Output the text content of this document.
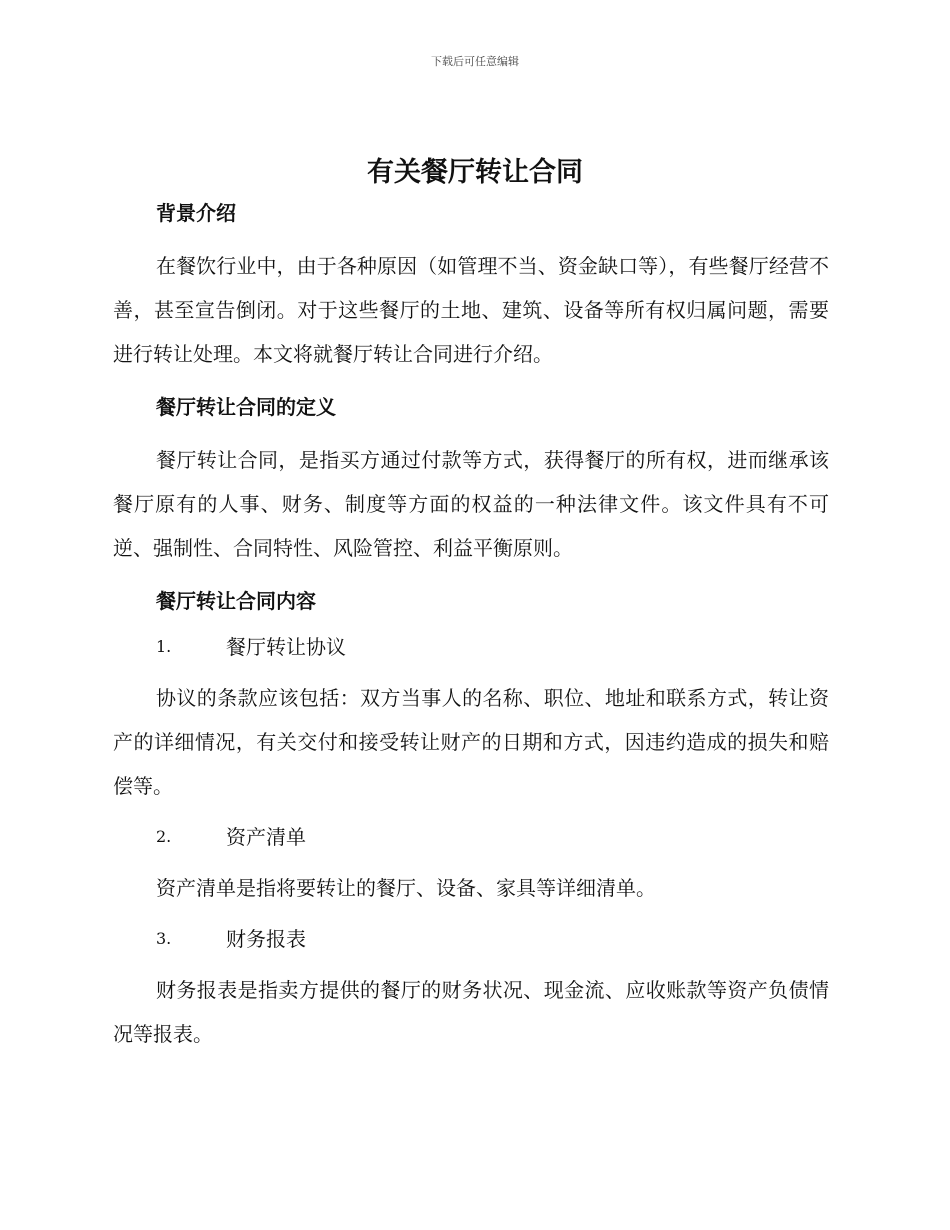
下载后可任意编辑
有关餐厅转让合同

背景介绍

在餐饮行业中，由于各种原因（如管理不当、资金缺口等），有些餐厅经营不善，甚至宣告倒闭。对于这些餐厅的土地、建筑、设备等所有权归属问题，需要进行转让处理。本文将就餐厅转让合同进行介绍。

餐厅转让合同的定义

餐厅转让合同，是指买方通过付款等方式，获得餐厅的所有权，进而继承该餐厅原有的人事、财务、制度等方面的权益的一种法律文件。该文件具有不可逆、强制性、合同特性、风险管控、利益平衡原则。

餐厅转让合同内容

1.	餐厅转让协议

协议的条款应该包括：双方当事人的名称、职位、地址和联系方式，转让资产的详细情况，有关交付和接受转让财产的日期和方式，因违约造成的损失和赔偿等。

2.	资产清单

资产清单是指将要转让的餐厅、设备、家具等详细清单。

3.	财务报表

财务报表是指卖方提供的餐厅的财务状况、现金流、应收账款等资产负债情况等报表。
